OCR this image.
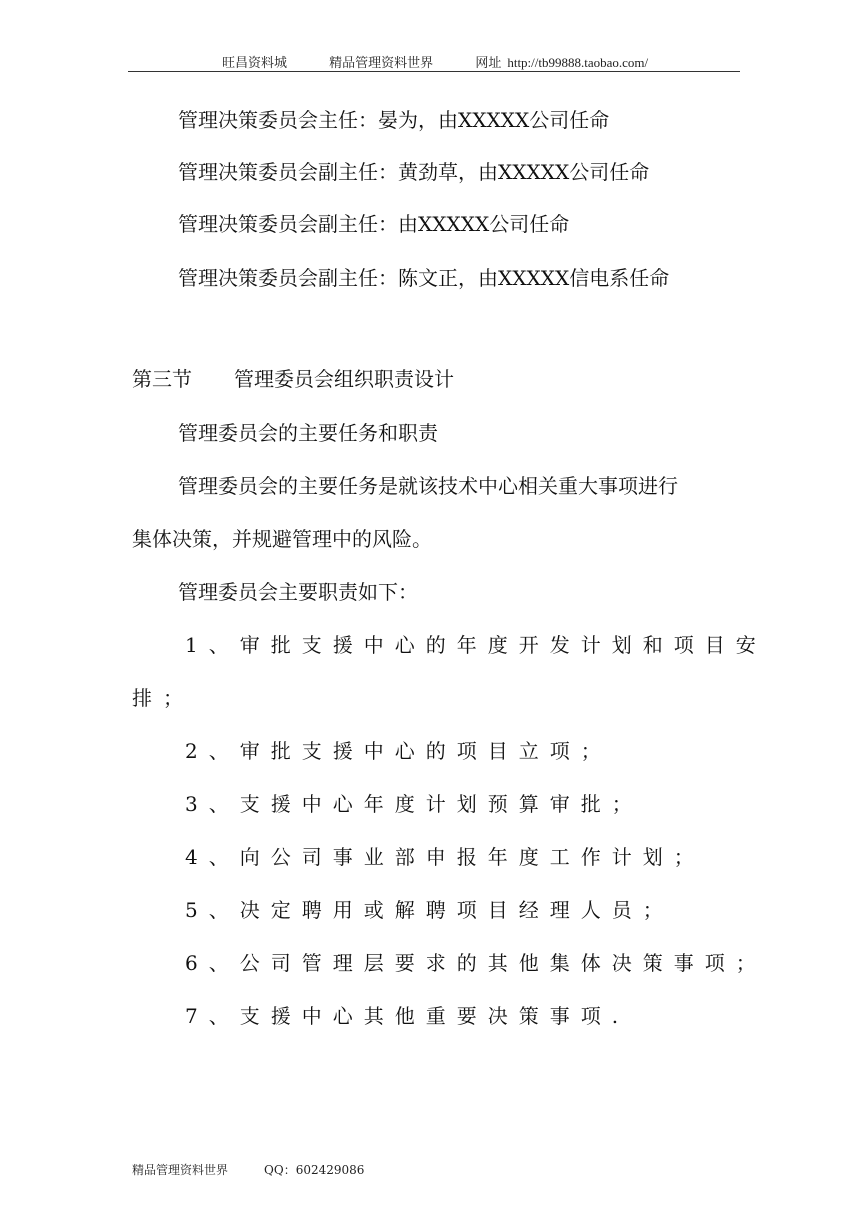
旺昌资料城	精品管理资料世界	网址 http://tb99888.taobao.com/
管理决策委员会主任：晏为，由XXXXX公司任命
管理决策委员会副主任：黄劲草，由XXXXX公司任命
管理决策委员会副主任：由XXXXX公司任命
管理决策委员会副主任：陈文正，由XXXXX信电系任命
第三节 管理委员会组织职责设计
管理委员会的主要任务和职责
管理委员会的主要任务是就该技术中心相关重大事项进行
集体决策，并规避管理中的风险。
管理委员会主要职责如下：
1、审批支援中心的年度开发计划和项目安
排；
2、审批支援中心的项目立项；
3、支援中心年度计划预算审批；
4、向公司事业部申报年度工作计划；
5、决定聘用或解聘项目经理人员；
6、公司管理层要求的其他集体决策事项；
7、支援中心其他重要决策事项.
精品管理资料世界	QQ：602429086
